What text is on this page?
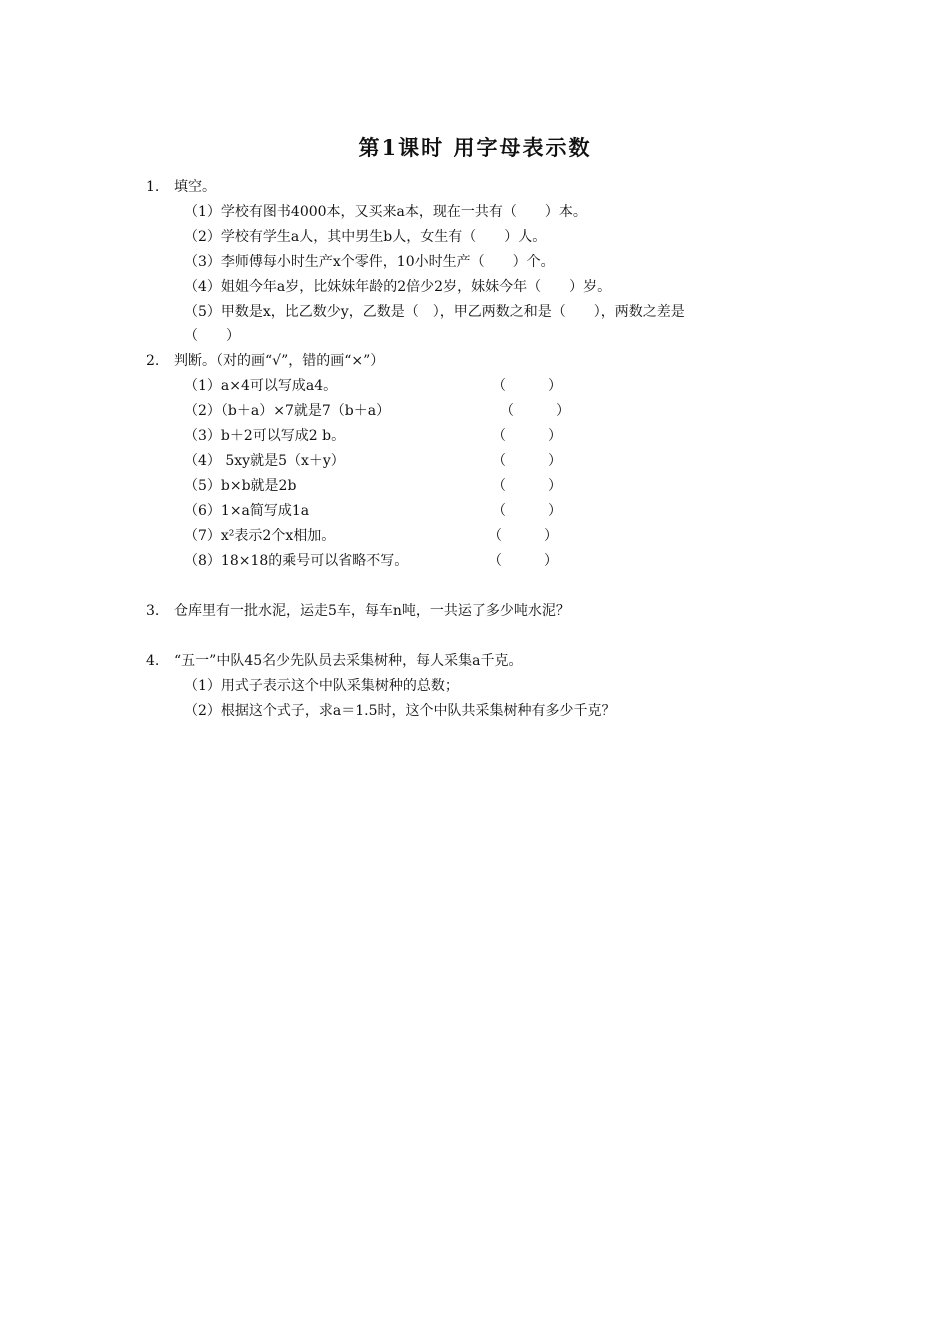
第1课时 用字母表示数
1. 填空。
（1）学校有图书4000本，又买来a本，现在一共有（　　）本。
（2）学校有学生a人，其中男生b人，女生有（　　）人。
（3）李师傅每小时生产x个零件，10小时生产（　　）个。
（4）姐姐今年a岁，比妹妹年龄的2倍少2岁，妹妹今年（　　）岁。
（5）甲数是x，比乙数少y，乙数是（　），甲乙两数之和是（　　），两数之差是
（　　）
2. 判断。（对的画“√”，错的画“×”）
（1）a×4可以写成a4。	（　　　）
（2）（b＋a）×7就是7（b＋a）	（　　　）
（3）b＋2可以写成2 b。	（　　　）
（4） 5xy就是5（x＋y）	（　　　）
（5）b×b就是2b	（　　　）
（6）1×a简写成1a	（　　　）
（7）x²表示2个x相加。	（　　　）
（8）18×18的乘号可以省略不写。	（　　　）
3. 仓库里有一批水泥，运走5车，每车n吨，一共运了多少吨水泥？
4. “五一”中队45名少先队员去采集树种，每人采集a千克。
（1）用式子表示这个中队采集树种的总数；
（2）根据这个式子，求a＝1.5时，这个中队共采集树种有多少千克？
